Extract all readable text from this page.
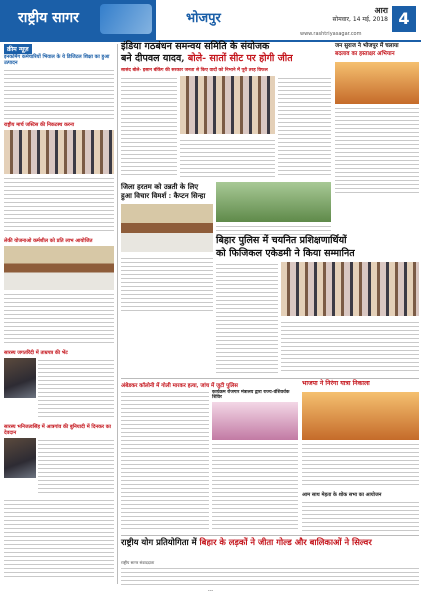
राष्ट्रीय सागर	भोजपुर
आरा
सोमवार, 14 मई, 2018 4
www.rashtriyasagar.com
क्रीम न्यूज़
इनकमिंग कर्मचारियों भिवाल के ये डिजिटल शिक्षा का हुआ उत्पादन
राष्ट्रीय मार्च जस्टिस की निकटस्थ करना
लेकी योजनाओ कर्मशील को प्रति लाभ आयोजित
सारस्य जगतरिंदी में ताम्रपत्र की भेंट
सारस्य भनिजत्वसिंह में आत्रगांव की बुनियादी में दिनकर का देवदान
इंडिया गठबंधन समन्वय समिति के संयोजक
बने दीपवल यादव, बोले- सातों सीट पर होगी जीत
सासंद बोले- इसान बंकिंग की सरकार जनता से किए वादों को निभाने में पूरी तरह विफल
जन सुराज ने भोजपुर में चलाया
बदलाव का हस्ताक्षर अभियान
जिला हरतम को उन्नती के लिए
हुआ विचार विमर्श : कैप्टन सिन्हा
बिहार पुलिस में चयनित प्रशिक्षणार्थियों
को फिजिकल एकेडमी ने किया सम्मानित
अंबेडकर कॉलोनी में गोली मारकर हत्या, जांच में जुटी पुलिस
कार्यक्रम रोजगार मंत्रालय द्वारा राज्य-वंशिवर्धक शिविर
भाजपा ने निरंगा यात्रा निकाला
आम साथ मेहता के शोक सभा का आयोजन
राष्ट्रीय योग प्रतियोगिता में बिहार के लड़कों ने जीता गोल्ड और बालिकाओं ने सिल्वर
राष्ट्रीय सागर संवाददाता
---
